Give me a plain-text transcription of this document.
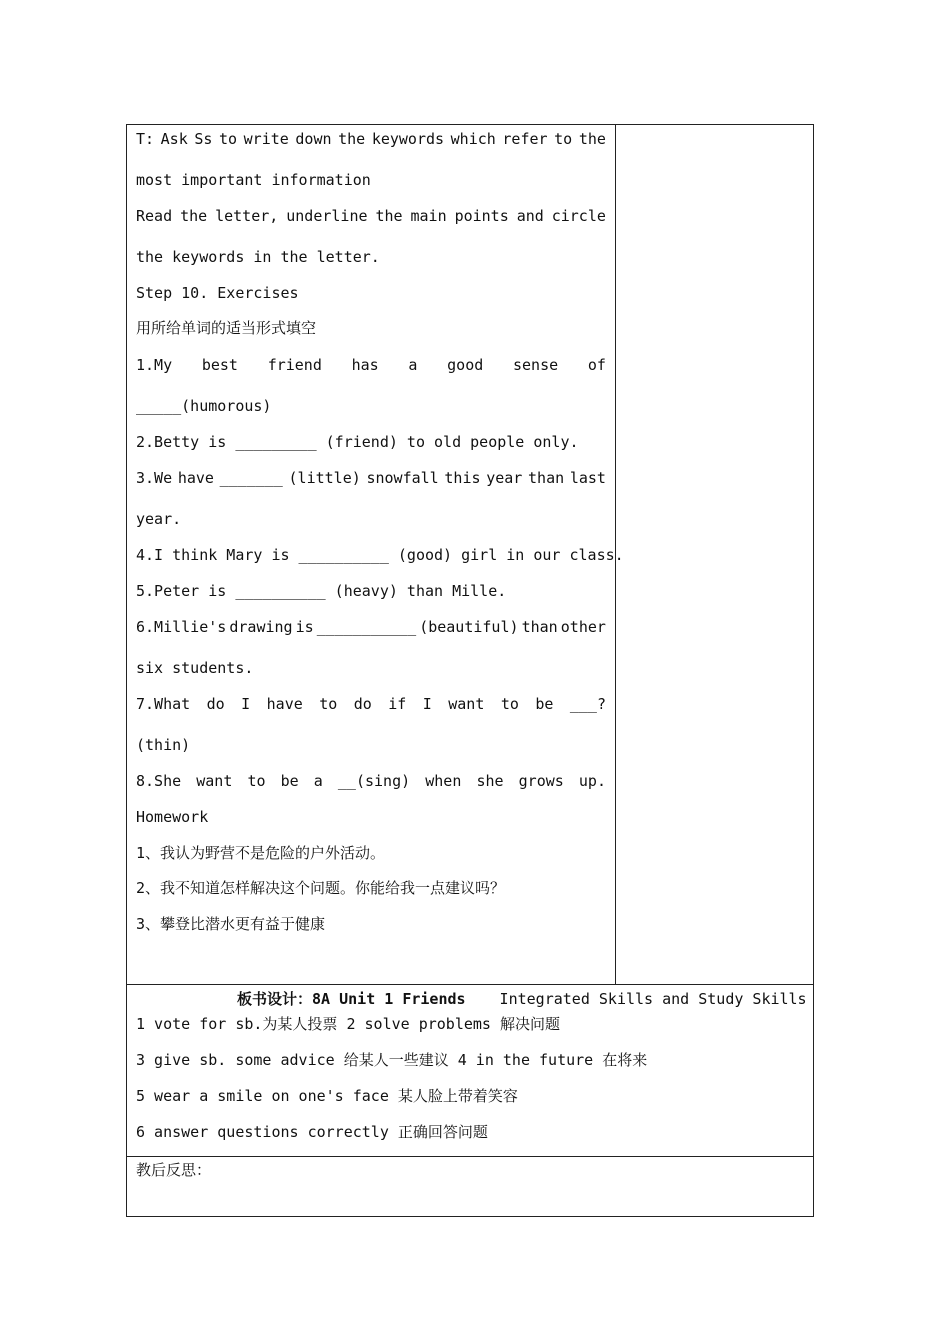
T: Ask Ss to write down the keywords which refer to the
most important information
Read the letter, underline the main points and circle
the keywords in the letter.
Step 10. Exercises
用所给单词的适当形式填空
1.My best friend has a good sense of
_____(humorous)
2.Betty is _________ (friend) to old people only.
3.We have _______ (little) snowfall this year than last
year.
4.I think Mary is __________ (good) girl in our class.
5.Peter is __________ (heavy) than Mille.
6.Millie's drawing is ___________ (beautiful) than other
six students.
7.What do I have to do if I want to be ___?
(thin)
8.She want to be a __(sing) when she grows up.
Homework
1、我认为野营不是危险的户外活动。
2、我不知道怎样解决这个问题。你能给我一点建议吗？
3、攀登比潜水更有益于健康
板书设计：8A Unit 1 Friends Integrated Skills and Study Skills
1 vote for sb.为某人投票 2 solve problems 解决问题
3 give sb. some advice 给某人一些建议 4 in the future 在将来
5 wear a smile on one's face 某人脸上带着笑容
6 answer questions correctly 正确回答问题
教后反思：
